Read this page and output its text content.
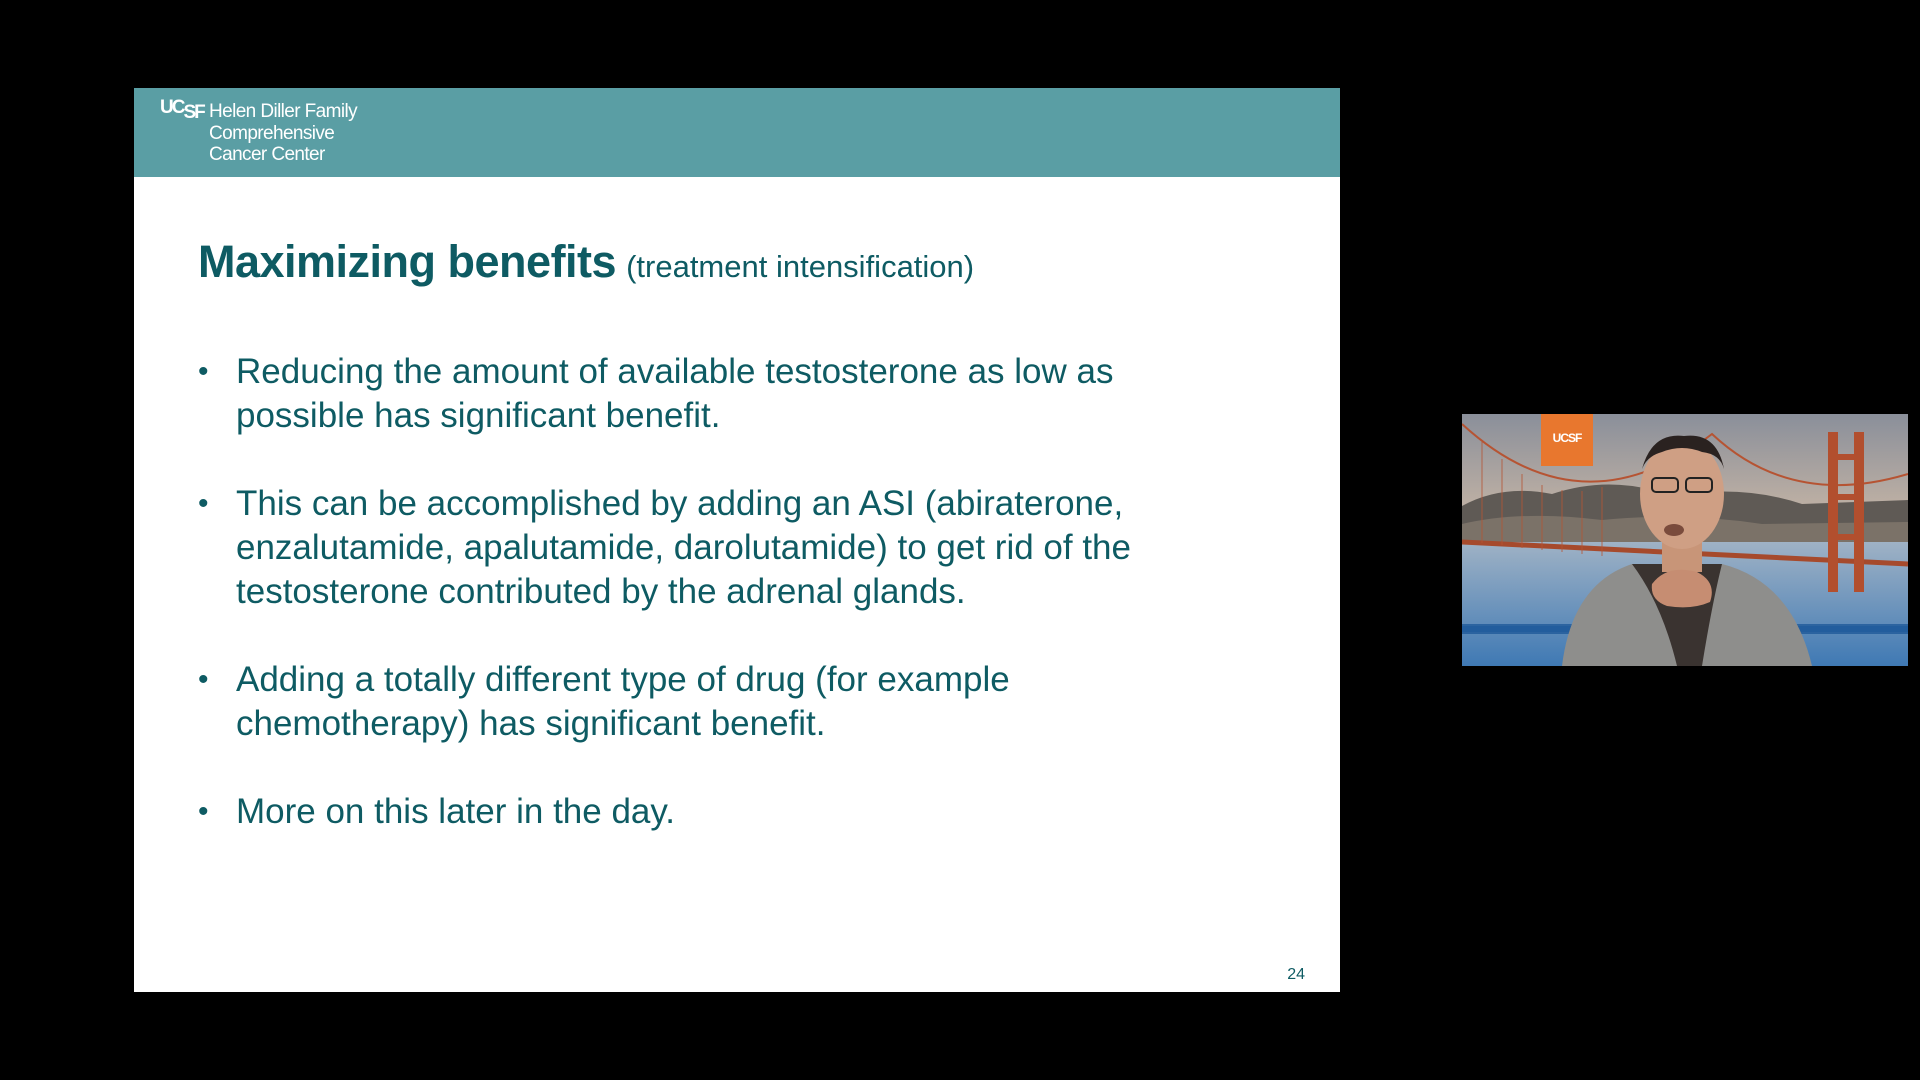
UCSF Helen Diller Family
Comprehensive
Cancer Center
Maximizing benefits (treatment intensification)
• Reducing the amount of available testosterone as low as
possible has significant benefit.
• This can be accomplished by adding an ASI (abiraterone,
enzalutamide, apalutamide, darolutamide) to get rid of the
testosterone contributed by the adrenal glands.
• Adding a totally different type of drug (for example
chemotherapy) has significant benefit.
• More on this later in the day.
24
UCSF
